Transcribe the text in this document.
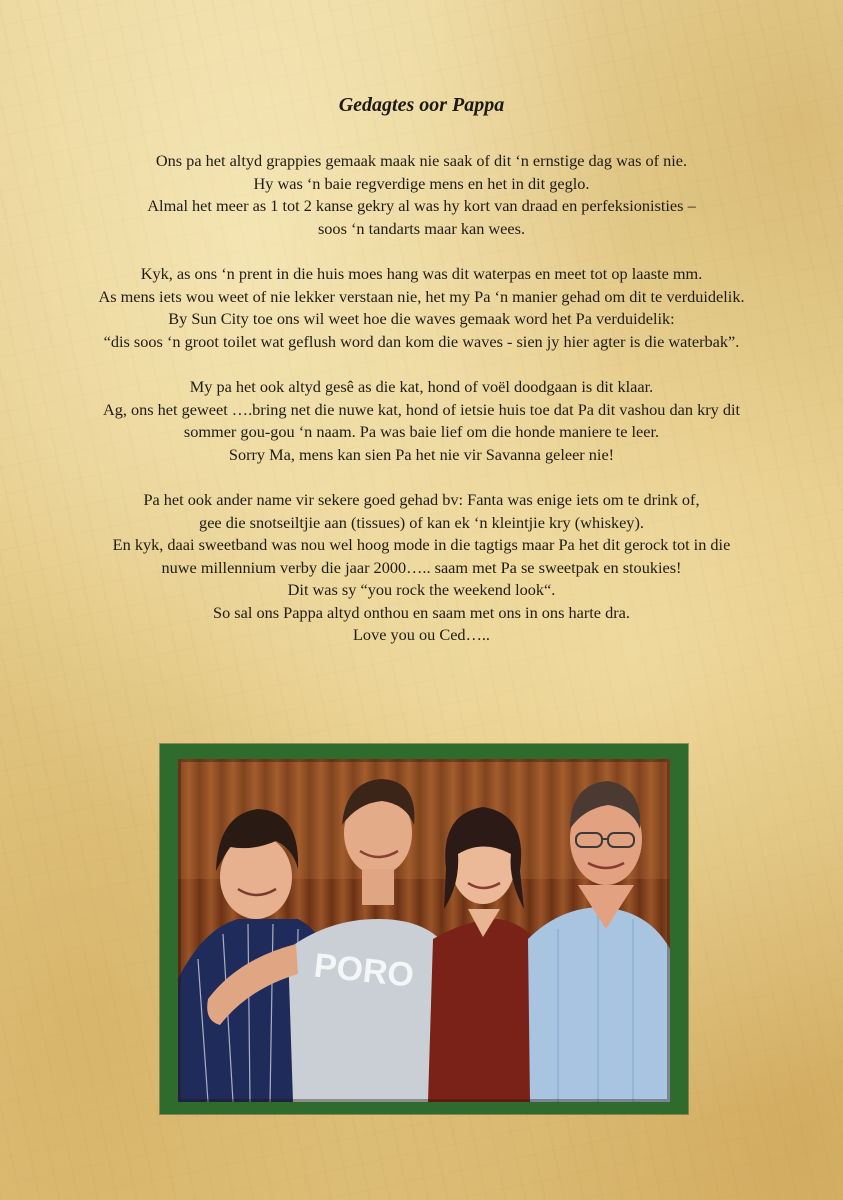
Gedagtes oor Pappa

Ons pa het altyd grappies gemaak maak nie saak of dit ‘n ernstige dag was of nie.
Hy was ‘n baie regverdige mens en het in dit geglo.
Almal het meer as 1 tot 2 kanse gekry al was hy kort van draad en perfeksionisties –
soos ‘n tandarts maar kan wees.

Kyk, as ons ‘n prent in die huis moes hang was dit waterpas en meet tot op laaste mm.
As mens iets wou weet of nie lekker verstaan nie, het my Pa ‘n manier gehad om dit te verduidelik.
By Sun City toe ons wil weet hoe die waves gemaak word het Pa verduidelik:
“dis soos ‘n groot toilet wat geflush word dan kom die waves - sien jy hier agter is die waterbak”.

My pa het ook altyd gesê as die kat, hond of voël doodgaan is dit klaar.
Ag, ons het geweet ….bring net die nuwe kat, hond of ietsie huis toe dat Pa dit vashou dan kry dit
sommer gou-gou ‘n naam. Pa was baie lief om die honde maniere te leer.
Sorry Ma, mens kan sien Pa het nie vir Savanna geleer nie!

Pa het ook ander name vir sekere goed gehad bv: Fanta was enige iets om te drink of,
gee die snotseiltjie aan (tissues) of kan ek ‘n kleintjie kry (whiskey).
En kyk, daai sweetband was nou wel hoog mode in die tagtigs maar Pa het dit gerock tot in die
nuwe millennium verby die jaar 2000….. saam met Pa se sweetpak en stoukies!
Dit was sy “you rock the weekend look“.
So sal ons Pappa altyd onthou en saam met ons in ons harte dra.
Love you ou Ced…..

PORO
